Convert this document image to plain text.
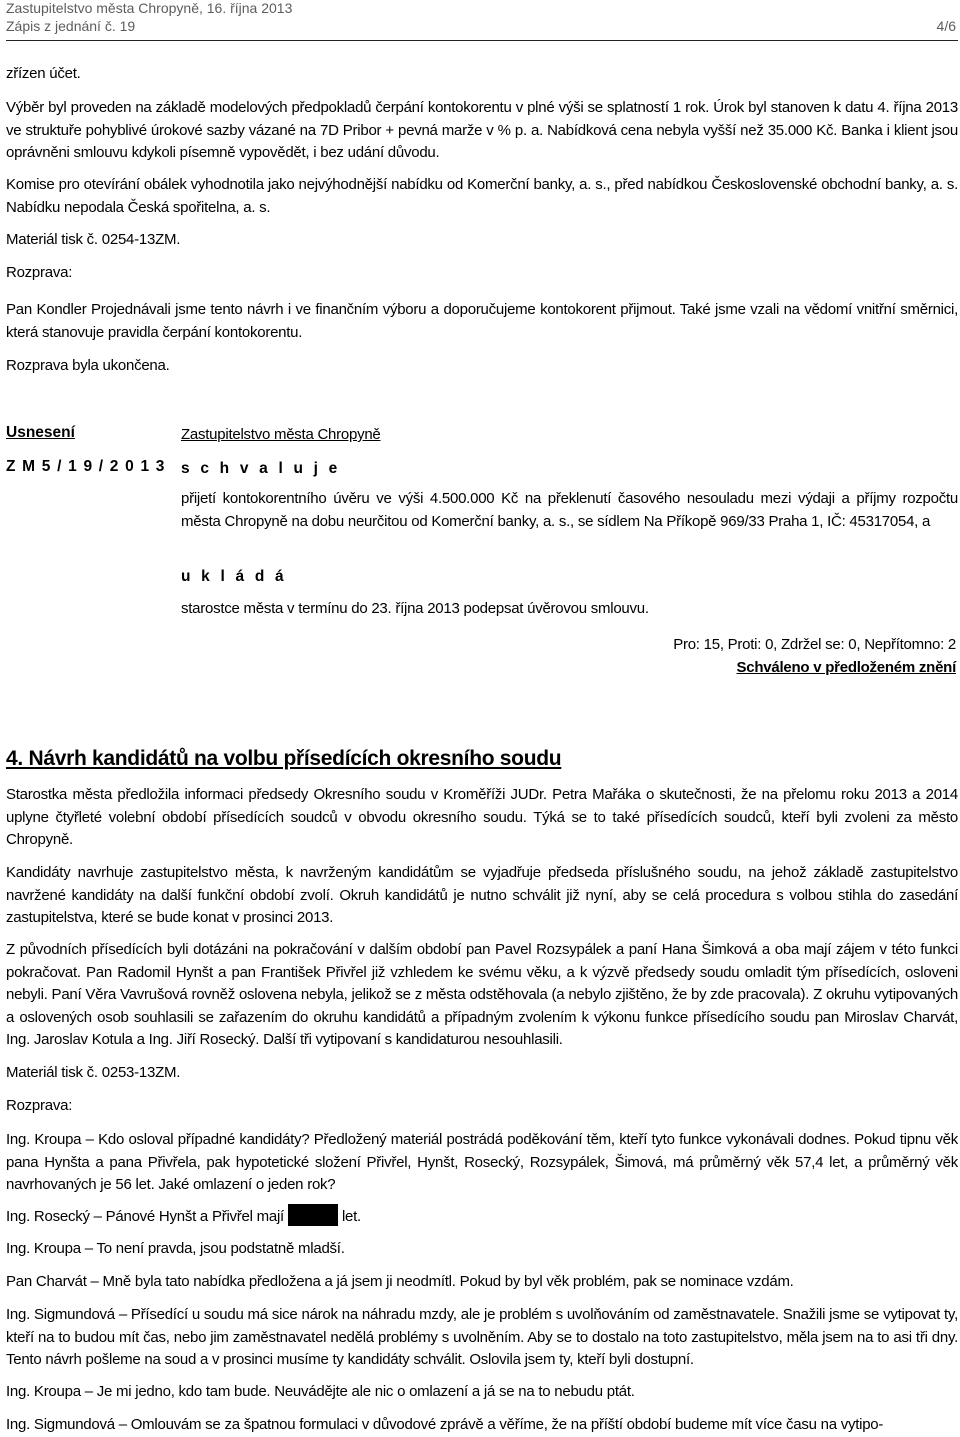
Zastupitelstvo města Chropyně, 16. října 2013
Zápis z jednání č. 19	4/6

zřízen účet.

Výběr byl proveden na základě modelových předpokladů čerpání kontokorentu v plné výši se splatností 1 rok. Úrok byl stanoven k datu 4. října 2013 ve struktuře pohyblivé úrokové sazby vázané na 7D Pribor + pevná marže v % p. a. Nabídková cena nebyla vyšší než 35.000 Kč. Banka i klient jsou oprávněni smlouvu kdykoli písemně vypovědět, i bez udání důvodu.

Komise pro otevírání obálek vyhodnotila jako nejvýhodnější nabídku od Komerční banky, a. s., před nabídkou Československé obchodní banky, a. s. Nabídku nepodala Česká spořitelna, a. s.

Materiál tisk č. 0254-13ZM.

Rozprava:

Pan Kondler Projednávali jsme tento návrh i ve finančním výboru a doporučujeme kontokorent přijmout. Také jsme vzali na vědomí vnitřní směrnici, která stanovuje pravidla čerpání kontokorentu.

Rozprava byla ukončena.

Usnesení
Z M 5 / 1 9 / 2 0 1 3

Zastupitelstvo města Chropyně

s c h v a l u j e

přijetí kontokorentního úvěru ve výši 4.500.000 Kč na překlenutí časového nesouladu mezi výdaji a příjmy rozpočtu města Chropyně na dobu neurčitou od Komerční banky, a. s., se sídlem Na Příkopě 969/33 Praha 1, IČ: 45317054, a

u k l á d á

starostce města v termínu do 23. října 2013 podepsat úvěrovou smlouvu.

Pro: 15, Proti: 0, Zdržel se: 0, Nepřítomno: 2

Schváleno v předloženém znění

4. Návrh kandidátů na volbu přísedících okresního soudu

Starostka města předložila informaci předsedy Okresního soudu v Kroměříži JUDr. Petra Mařáka o skutečnosti, že na přelomu roku 2013 a 2014 uplyne čtyřleté volební období přísedících soudců v obvodu okresního soudu. Týká se to také přísedících soudců, kteří byli zvoleni za město Chropyně.

Kandidáty navrhuje zastupitelstvo města, k navrženým kandidátům se vyjadřuje předseda příslušného soudu, na jehož základě zastupitelstvo navržené kandidáty na další funkční období zvolí. Okruh kandidátů je nutno schválit již nyní, aby se celá procedura s volbou stihla do zasedání zastupitelstva, které se bude konat v prosinci 2013.

Z původních přísedících byli dotázáni na pokračování v dalším období pan Pavel Rozsypálek a paní Hana Šimková a oba mají zájem v této funkci pokračovat. Pan Radomil Hynšt a pan František Přivřel již vzhledem ke svému věku, a k výzvě předsedy soudu omladit tým přísedících, osloveni nebyli. Paní Věra Vavrušová rovněž oslovena nebyla, jelikož se z města odstěhovala (a nebylo zjištěno, že by zde pracovala). Z okruhu vytipovaných a oslovených osob souhlasili se zařazením do okruhu kandidátů a případným zvolením k výkonu funkce přísedícího soudu pan Miroslav Charvát, Ing. Jaroslav Kotula a Ing. Jiří Rosecký. Další tři vytipovaní s kandidaturou nesouhlasili.

Materiál tisk č. 0253-13ZM.

Rozprava:

Ing. Kroupa – Kdo osloval případné kandidáty? Předložený materiál postrádá poděkování těm, kteří tyto funkce vykonávali dodnes. Pokud tipnu věk pana Hynšta a pana Přivřela, pak hypotetické složení Přivřel, Hynšt, Rosecký, Rozsypálek, Šimová, má průměrný věk 57,4 let, a průměrný věk navrhovaných je 56 let. Jaké omlazení o jeden rok?

Ing. Rosecký – Pánové Hynšt a Přivřel mají	let.

Ing. Kroupa – To není pravda, jsou podstatně mladší.

Pan Charvát – Mně byla tato nabídka předložena a já jsem ji neodmítl. Pokud by byl věk problém, pak se nominace vzdám.

Ing. Sigmundová – Přísedící u soudu má sice nárok na náhradu mzdy, ale je problém s uvolňováním od zaměstnavatele. Snažili jsme se vytipovat ty, kteří na to budou mít čas, nebo jim zaměstnavatel nedělá problémy s uvolněním. Aby se to dostalo na toto zastupitelstvo, měla jsem na to asi tři dny. Tento návrh pošleme na soud a v prosinci musíme ty kandidáty schválit. Oslovila jsem ty, kteří byli dostupní.

Ing. Kroupa – Je mi jedno, kdo tam bude. Neuvádějte ale nic o omlazení a já se na to nebudu ptát.

Ing. Sigmundová – Omlouvám se za špatnou formulaci v důvodové zprávě a věříme, že na příští období budeme mít více času na vytipo-
